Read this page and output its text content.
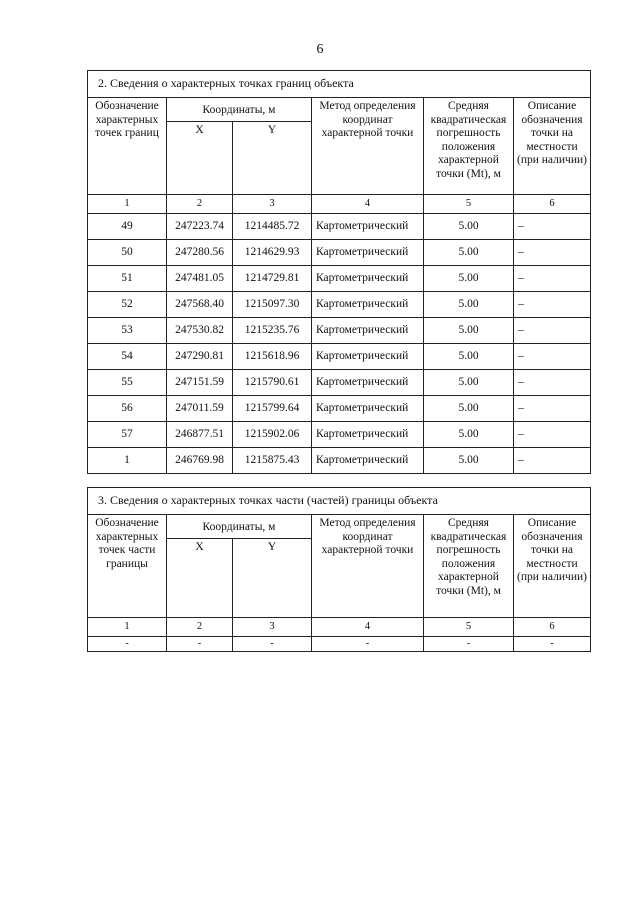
6
2. Сведения о характерных точках границ объекта					
Обозначение характерных точек границ	Координаты, м		Метод определения координат характерной точки	Средняя квадратическая погрешность положения характерной точки (Mt), м	Описание обозначения точки на местности (при наличии)
	X	Y			
1	2	3	4	5	6
49	247223.74	1214485.72	Картометрический	5.00	–
50	247280.56	1214629.93	Картометрический	5.00	–
51	247481.05	1214729.81	Картометрический	5.00	–
52	247568.40	1215097.30	Картометрический	5.00	–
53	247530.82	1215235.76	Картометрический	5.00	–
54	247290.81	1215618.96	Картометрический	5.00	–
55	247151.59	1215790.61	Картометрический	5.00	–
56	247011.59	1215799.64	Картометрический	5.00	–
57	246877.51	1215902.06	Картометрический	5.00	–
1	246769.98	1215875.43	Картометрический	5.00	–
3. Сведения о характерных точках части (частей) границы объекта					
Обозначение характерных точек части границы	Координаты, м		Метод определения координат характерной точки	Средняя квадратическая погрешность положения характерной точки (Mt), м	Описание обозначения точки на местности (при наличии)
	X	Y			
1	2	3	4	5	6
-	-	-	-	-	-
